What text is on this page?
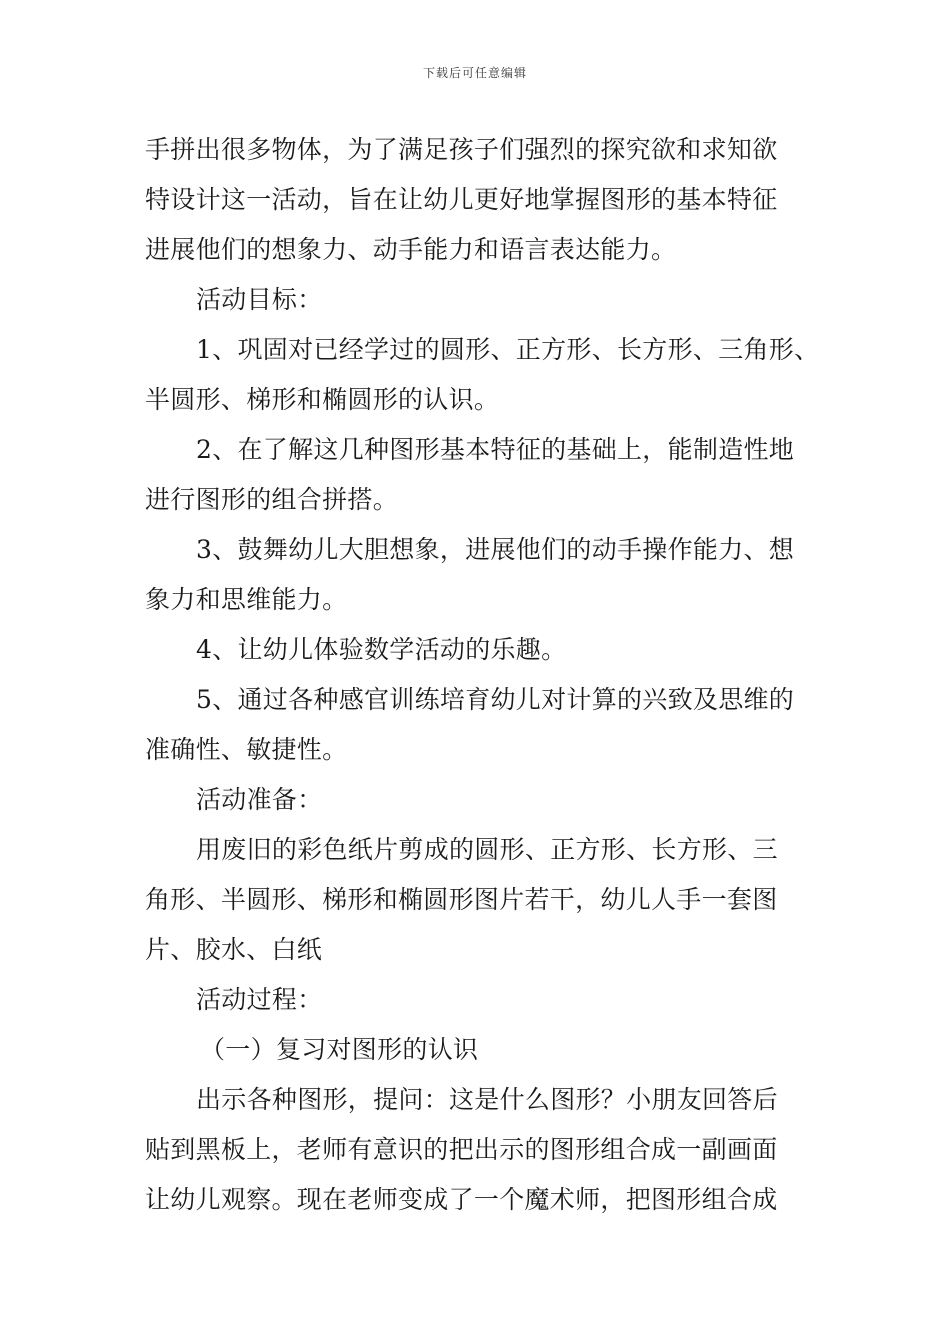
下载后可任意编辑
手拼出很多物体，为了满足孩子们强烈的探究欲和求知欲
特设计这一活动，旨在让幼儿更好地掌握图形的基本特征
进展他们的想象力、动手能力和语言表达能力。
活动目标：
1、巩固对已经学过的圆形、正方形、长方形、三角形、
半圆形、梯形和椭圆形的认识。
2、在了解这几种图形基本特征的基础上，能制造性地
进行图形的组合拼搭。
3、鼓舞幼儿大胆想象，进展他们的动手操作能力、想
象力和思维能力。
4、让幼儿体验数学活动的乐趣。
5、通过各种感官训练培育幼儿对计算的兴致及思维的
准确性、敏捷性。
活动准备：
用废旧的彩色纸片剪成的圆形、正方形、长方形、三
角形、半圆形、梯形和椭圆形图片若干，幼儿人手一套图
片、胶水、白纸
活动过程：
（一）复习对图形的认识
出示各种图形，提问：这是什么图形？小朋友回答后
贴到黑板上，老师有意识的把出示的图形组合成一副画面
让幼儿观察。现在老师变成了一个魔术师，把图形组合成
